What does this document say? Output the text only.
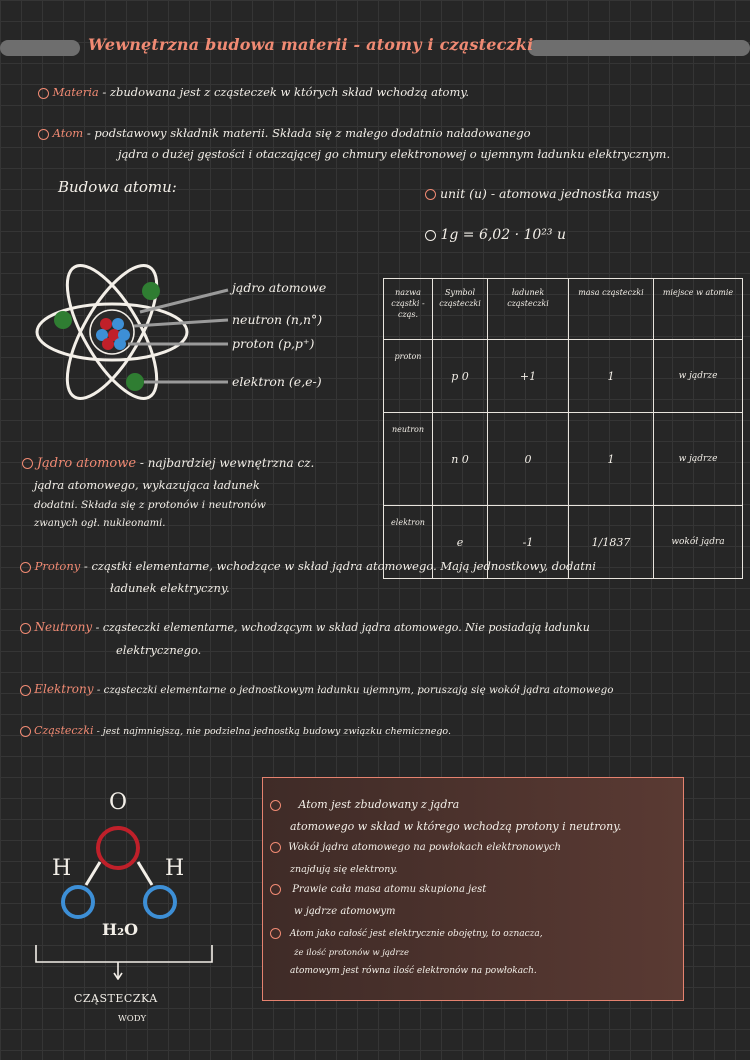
Wewnętrzna budowa materii - atomy i cząsteczki
Materia - zbudowana jest z cząsteczek w których skład wchodzą atomy.
Atom - podstawowy składnik materii. Składa się z małego dodatnio naładowanego
jądra o dużej gęstości i otaczającej go chmury elektronowej o ujemnym ładunku elektrycznym.
Budowa atomu:
jądro atomowe
neutron (n,n°)
proton (p,p⁺)
elektron (e,e-)
unit (u) - atomowa jednostka masy
1g = 6,02 · 10²³ u
nazwa cząstki - cząs.	Symbol cząsteczki	ładunek cząsteczki	masa cząsteczki	miejsce w atomie
proton	p 0	+1	1	w jądrze
neutron	n 0	0	1	w jądrze
elektron	e	-1	1/1837	wokół jądra
Jądro atomowe - najbardziej wewnętrzna cz.
jądra atomowego, wykazująca ładunek
dodatni. Składa się z protonów i neutronów
zwanych ogł. nukleonami.
Protony - cząstki elementarne, wchodzące w skład jądra atomowego. Mają jednostkowy, dodatni
ładunek elektryczny.
Neutrony - cząsteczki elementarne, wchodzącym w skład jądra atomowego. Nie posiadają ładunku
elektrycznego.
Elektrony - cząsteczki elementarne o jednostkowym ładunku ujemnym, poruszają się wokół jądra atomowego
Cząsteczki - jest najmniejszą, nie podzielna jednostką budowy związku chemicznego.
O
H	H
H₂O
CZĄSTECZKA
WODY
Atom jest zbudowany z jądra
atomowego w skład w którego wchodzą protony i neutrony.
Wokół jądra atomowego na powłokach elektronowych
znajdują się elektrony.
Prawie cała masa atomu skupiona jest
w jądrze atomowym
Atom jako całość jest elektrycznie obojętny, to oznacza,
że ilość protonów w jądrze
atomowym jest równa ilość elektronów na powłokach.
